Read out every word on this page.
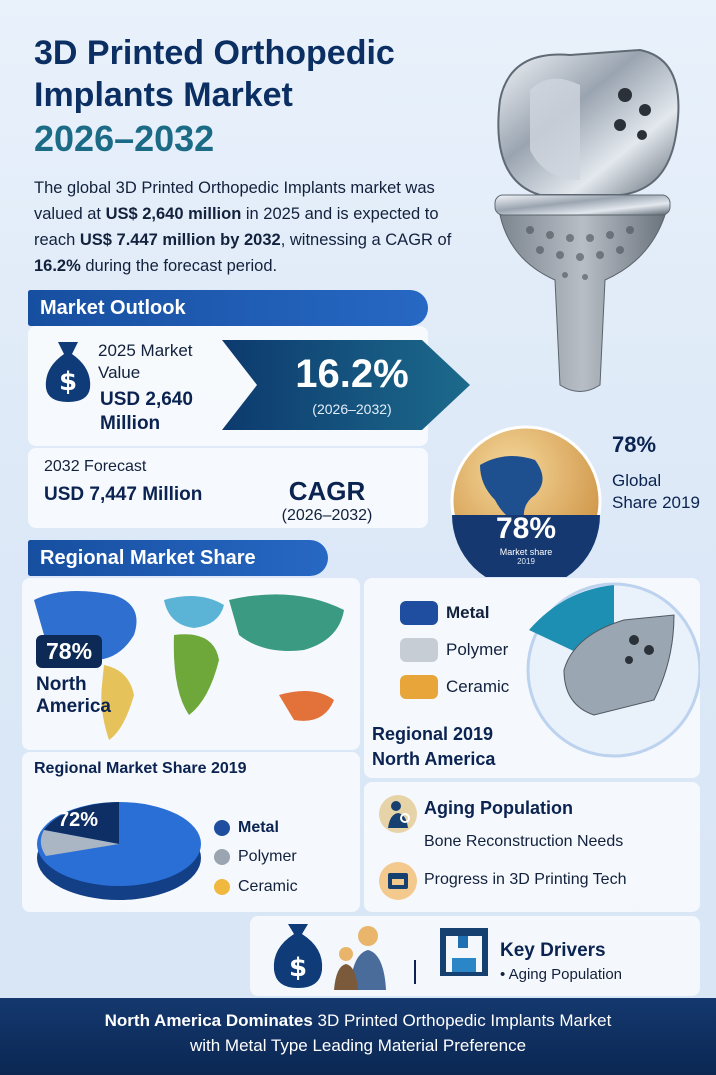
3D Printed Orthopedic Implants Market
2026–2032
The global 3D Printed Orthopedic Implants market was valued at US$ 2,640 million in 2025 and is expected to reach US$ 7.447 million by 2032, witnessing a CAGR of 16.2% during the forecast period.
Market Outlook
$
2025 Market Value
USD 2,640 Million
16.2%
(2026–2032)
2032 Forecast
USD 7,447 Million	CAGR
(2026–2032)	78%
Market share
2019
78%
Global Share 2019
Regional Market Share
78%
North America
Metal
Polymer
Ceramic
Regional 2019 North America
Regional Market Share 2019
72%	Metal
Polymer
Ceramic
Aging Population
Bone Reconstruction Needs
Progress in 3D Printing Tech
$
Key Drivers
• Aging Population
North America Dominates 3D Printed Orthopedic Implants Market
with Metal Type Leading Material Preference
